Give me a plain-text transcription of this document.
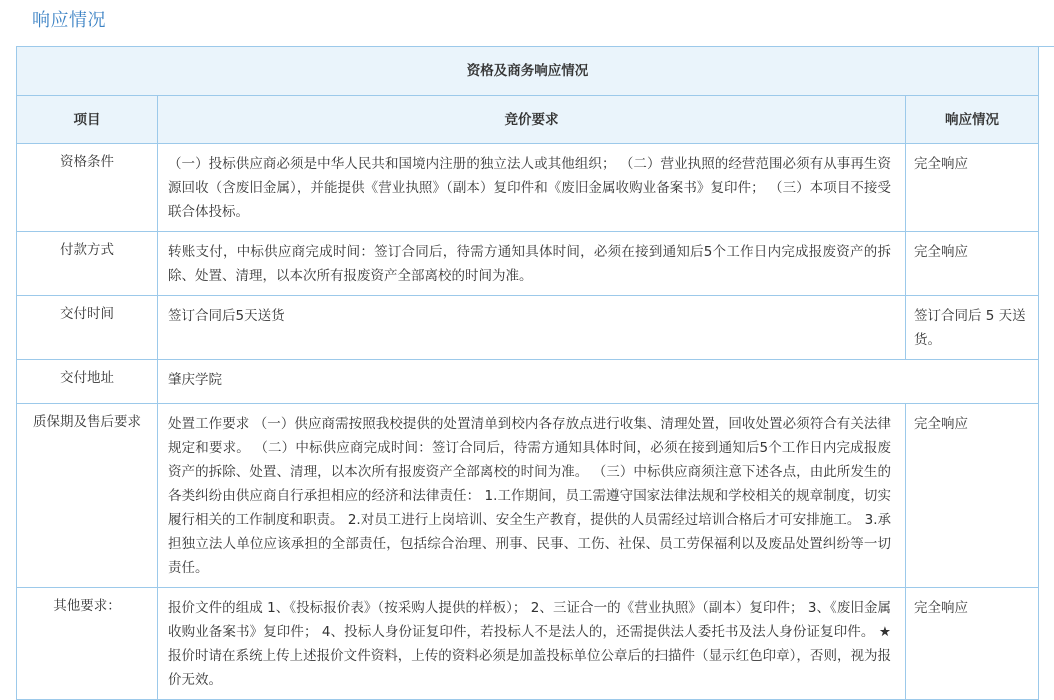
响应情况
资格及商务响应情况		
项目	竞价要求	响应情况
资格条件	（一）投标供应商必须是中华人民共和国境内注册的独立法人或其他组织； （二）营业执照的经营范围必须有从事再生资源回收（含废旧金属），并能提供《营业执照》（副本）复印件和《废旧金属收购业备案书》复印件； （三）本项目不接受联合体投标。	完全响应
付款方式	转账支付，中标供应商完成时间：签订合同后，待需方通知具体时间，必须在接到通知后5个工作日内完成报废资产的拆除、处置、清理，以本次所有报废资产全部离校的时间为准。	完全响应
交付时间	签订合同后5天送货	签订合同后 5 天送货。
交付地址	肇庆学院	
质保期及售后要求	处置工作要求 （一）供应商需按照我校提供的处置清单到校内各存放点进行收集、清理处置，回收处置必须符合有关法律规定和要求。 （二）中标供应商完成时间：签订合同后，待需方通知具体时间，必须在接到通知后5个工作日内完成报废资产的拆除、处置、清理，以本次所有报废资产全部离校的时间为准。 （三）中标供应商须注意下述各点，由此所发生的各类纠纷由供应商自行承担相应的经济和法律责任： 1.工作期间，员工需遵守国家法律法规和学校相关的规章制度，切实履行相关的工作制度和职责。 2.对员工进行上岗培训、安全生产教育，提供的人员需经过培训合格后才可安排施工。 3.承担独立法人单位应该承担的全部责任，包括综合治理、刑事、民事、工伤、社保、员工劳保福利以及废品处置纠纷等一切责任。	完全响应
其他要求：	报价文件的组成 1、《投标报价表》（按采购人提供的样板）； 2、三证合一的《营业执照》（副本）复印件； 3、《废旧金属收购业备案书》复印件； 4、投标人身份证复印件，若投标人不是法人的，还需提供法人委托书及法人身份证复印件。 ★报价时请在系统上传上述报价文件资料，上传的资料必须是加盖投标单位公章后的扫描件（显示红色印章），否则，视为报价无效。	完全响应
